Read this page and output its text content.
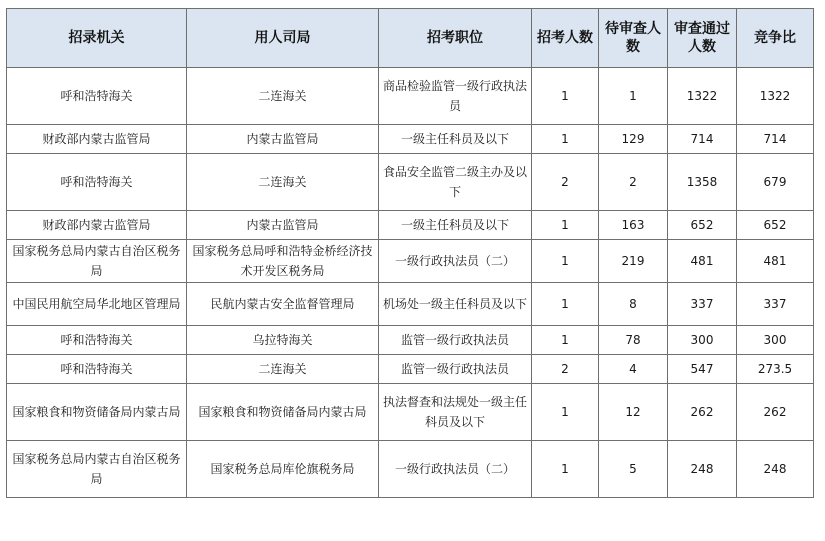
招录机关	用人司局	招考职位	招考人数	待审查人数	审查通过人数	竞争比
呼和浩特海关	二连海关	商品检验监管一级行政执法员	1	1	1322	1322
财政部内蒙古监管局	内蒙古监管局	一级主任科员及以下	1	129	714	714
呼和浩特海关	二连海关	食品安全监管二级主办及以下	2	2	1358	679
财政部内蒙古监管局	内蒙古监管局	一级主任科员及以下	1	163	652	652
国家税务总局内蒙古自治区税务局	国家税务总局呼和浩特金桥经济技术开发区税务局	一级行政执法员（二）	1	219	481	481
中国民用航空局华北地区管理局	民航内蒙古安全监督管理局	机场处一级主任科员及以下	1	8	337	337
呼和浩特海关	乌拉特海关	监管一级行政执法员	1	78	300	300
呼和浩特海关	二连海关	监管一级行政执法员	2	4	547	273.5
国家粮食和物资储备局内蒙古局	国家粮食和物资储备局内蒙古局	执法督查和法规处一级主任科员及以下	1	12	262	262
国家税务总局内蒙古自治区税务局	国家税务总局库伦旗税务局	一级行政执法员（二）	1	5	248	248
